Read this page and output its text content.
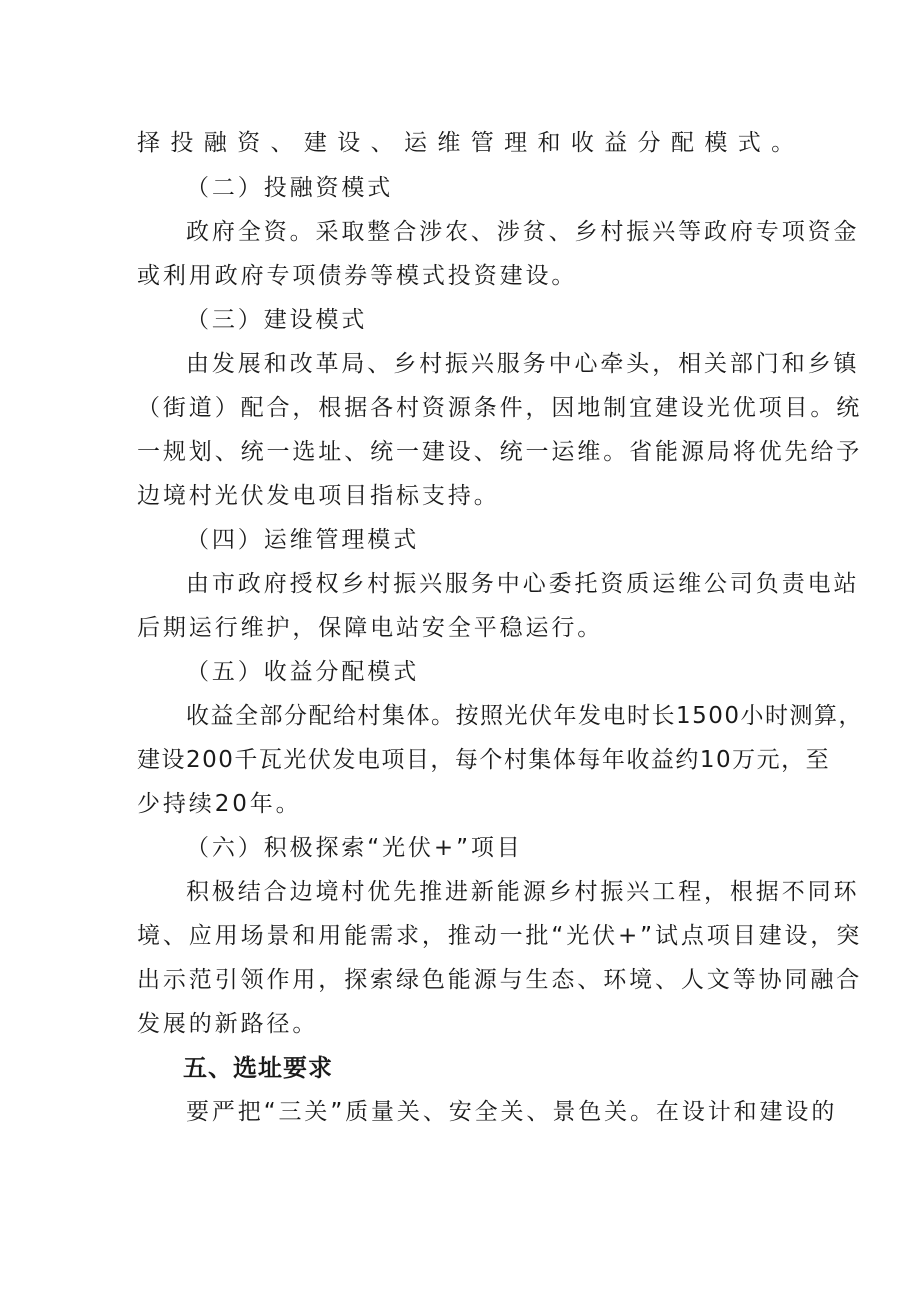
择投融资、建设、运维管理和收益分配模式。
（二）投融资模式
政府全资。采取整合涉农、涉贫、乡村振兴等政府专项资金
或利用政府专项债券等模式投资建设。
（三）建设模式
由发展和改革局、乡村振兴服务中心牵头，相关部门和乡镇
（街道）配合，根据各村资源条件，因地制宜建设光优项目。统
一规划、统一选址、统一建设、统一运维。省能源局将优先给予
边境村光伏发电项目指标支持。
（四）运维管理模式
由市政府授权乡村振兴服务中心委托资质运维公司负责电站
后期运行维护，保障电站安全平稳运行。
（五）收益分配模式
收益全部分配给村集体。按照光伏年发电时长1500小时测算，
建设200千瓦光伏发电项目，每个村集体每年收益约10万元，至
少持续20年。
（六）积极探索“光伏+”项目
积极结合边境村优先推进新能源乡村振兴工程，根据不同环
境、应用场景和用能需求，推动一批“光伏+”试点项目建设，突
出示范引领作用，探索绿色能源与生态、环境、人文等协同融合
发展的新路径。
五、选址要求
要严把“三关”质量关、安全关、景色关。在设计和建设的
